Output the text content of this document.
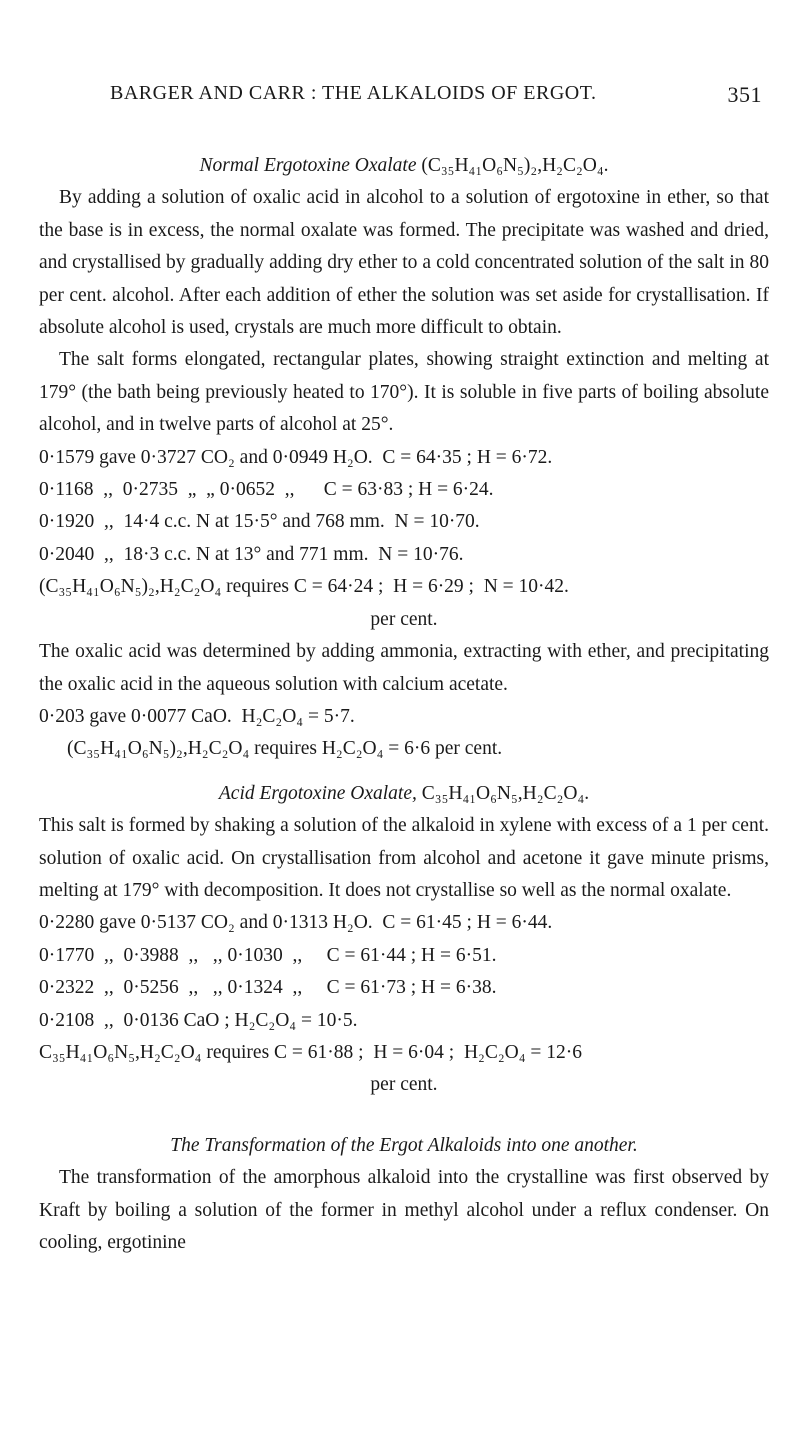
BARGER AND CARR : THE ALKALOIDS OF ERGOT.	351

Normal Ergotoxine Oxalate (C₃₅H₄₁O₆N₅)₂,H₂C₂O₄.

By adding a solution of oxalic acid in alcohol to a solution of ergotoxine in ether, so that the base is in excess, the normal oxalate was formed. The precipitate was washed and dried, and crystallised by gradually adding dry ether to a cold concentrated solution of the salt in 80 per cent. alcohol. After each addition of ether the solution was set aside for crystallisation. If absolute alcohol is used, crystals are much more difficult to obtain.

The salt forms elongated, rectangular plates, showing straight extinction and melting at 179° (the bath being previously heated to 170°). It is soluble in five parts of boiling absolute alcohol, and in twelve parts of alcohol at 25°.

0·1579 gave 0·3727 CO₂ and 0·0949 H₂O.  C = 64·35 ; H = 6·72.

0·1168  ,,  0·2735  „  „ 0·0652  ,,      C = 63·83 ; H = 6·24.

0·1920  ,,  14·4 c.c. N at 15·5° and 768 mm.  N = 10·70.

0·2040  ,,  18·3 c.c. N at 13° and 771 mm.  N = 10·76.

(C₃₅H₄₁O₆N₅)₂,H₂C₂O₄ requires C = 64·24 ;  H = 6·29 ;  N = 10·42.

per cent.

The oxalic acid was determined by adding ammonia, extracting with ether, and precipitating the oxalic acid in the aqueous solution with calcium acetate.

0·203 gave 0·0077 CaO.  H₂C₂O₄ = 5·7.

(C₃₅H₄₁O₆N₅)₂,H₂C₂O₄ requires H₂C₂O₄ = 6·6 per cent.

Acid Ergotoxine Oxalate, C₃₅H₄₁O₆N₅,H₂C₂O₄.

This salt is formed by shaking a solution of the alkaloid in xylene with excess of a 1 per cent. solution of oxalic acid. On crystallisation from alcohol and acetone it gave minute prisms, melting at 179° with decomposition. It does not crystallise so well as the normal oxalate.

0·2280 gave 0·5137 CO₂ and 0·1313 H₂O.  C = 61·45 ; H = 6·44.

0·1770  ,,  0·3988  ,,   ,, 0·1030  ,,     C = 61·44 ; H = 6·51.

0·2322  ,,  0·5256  ,,   ,, 0·1324  ,,     C = 61·73 ; H = 6·38.

0·2108  ,,  0·0136 CaO ; H₂C₂O₄ = 10·5.

C₃₅H₄₁O₆N₅,H₂C₂O₄ requires C = 61·88 ;  H = 6·04 ;  H₂C₂O₄ = 12·6

per cent.

The Transformation of the Ergot Alkaloids into one another.

The transformation of the amorphous alkaloid into the crystalline was first observed by Kraft by boiling a solution of the former in methyl alcohol under a reflux condenser. On cooling, ergotinine
